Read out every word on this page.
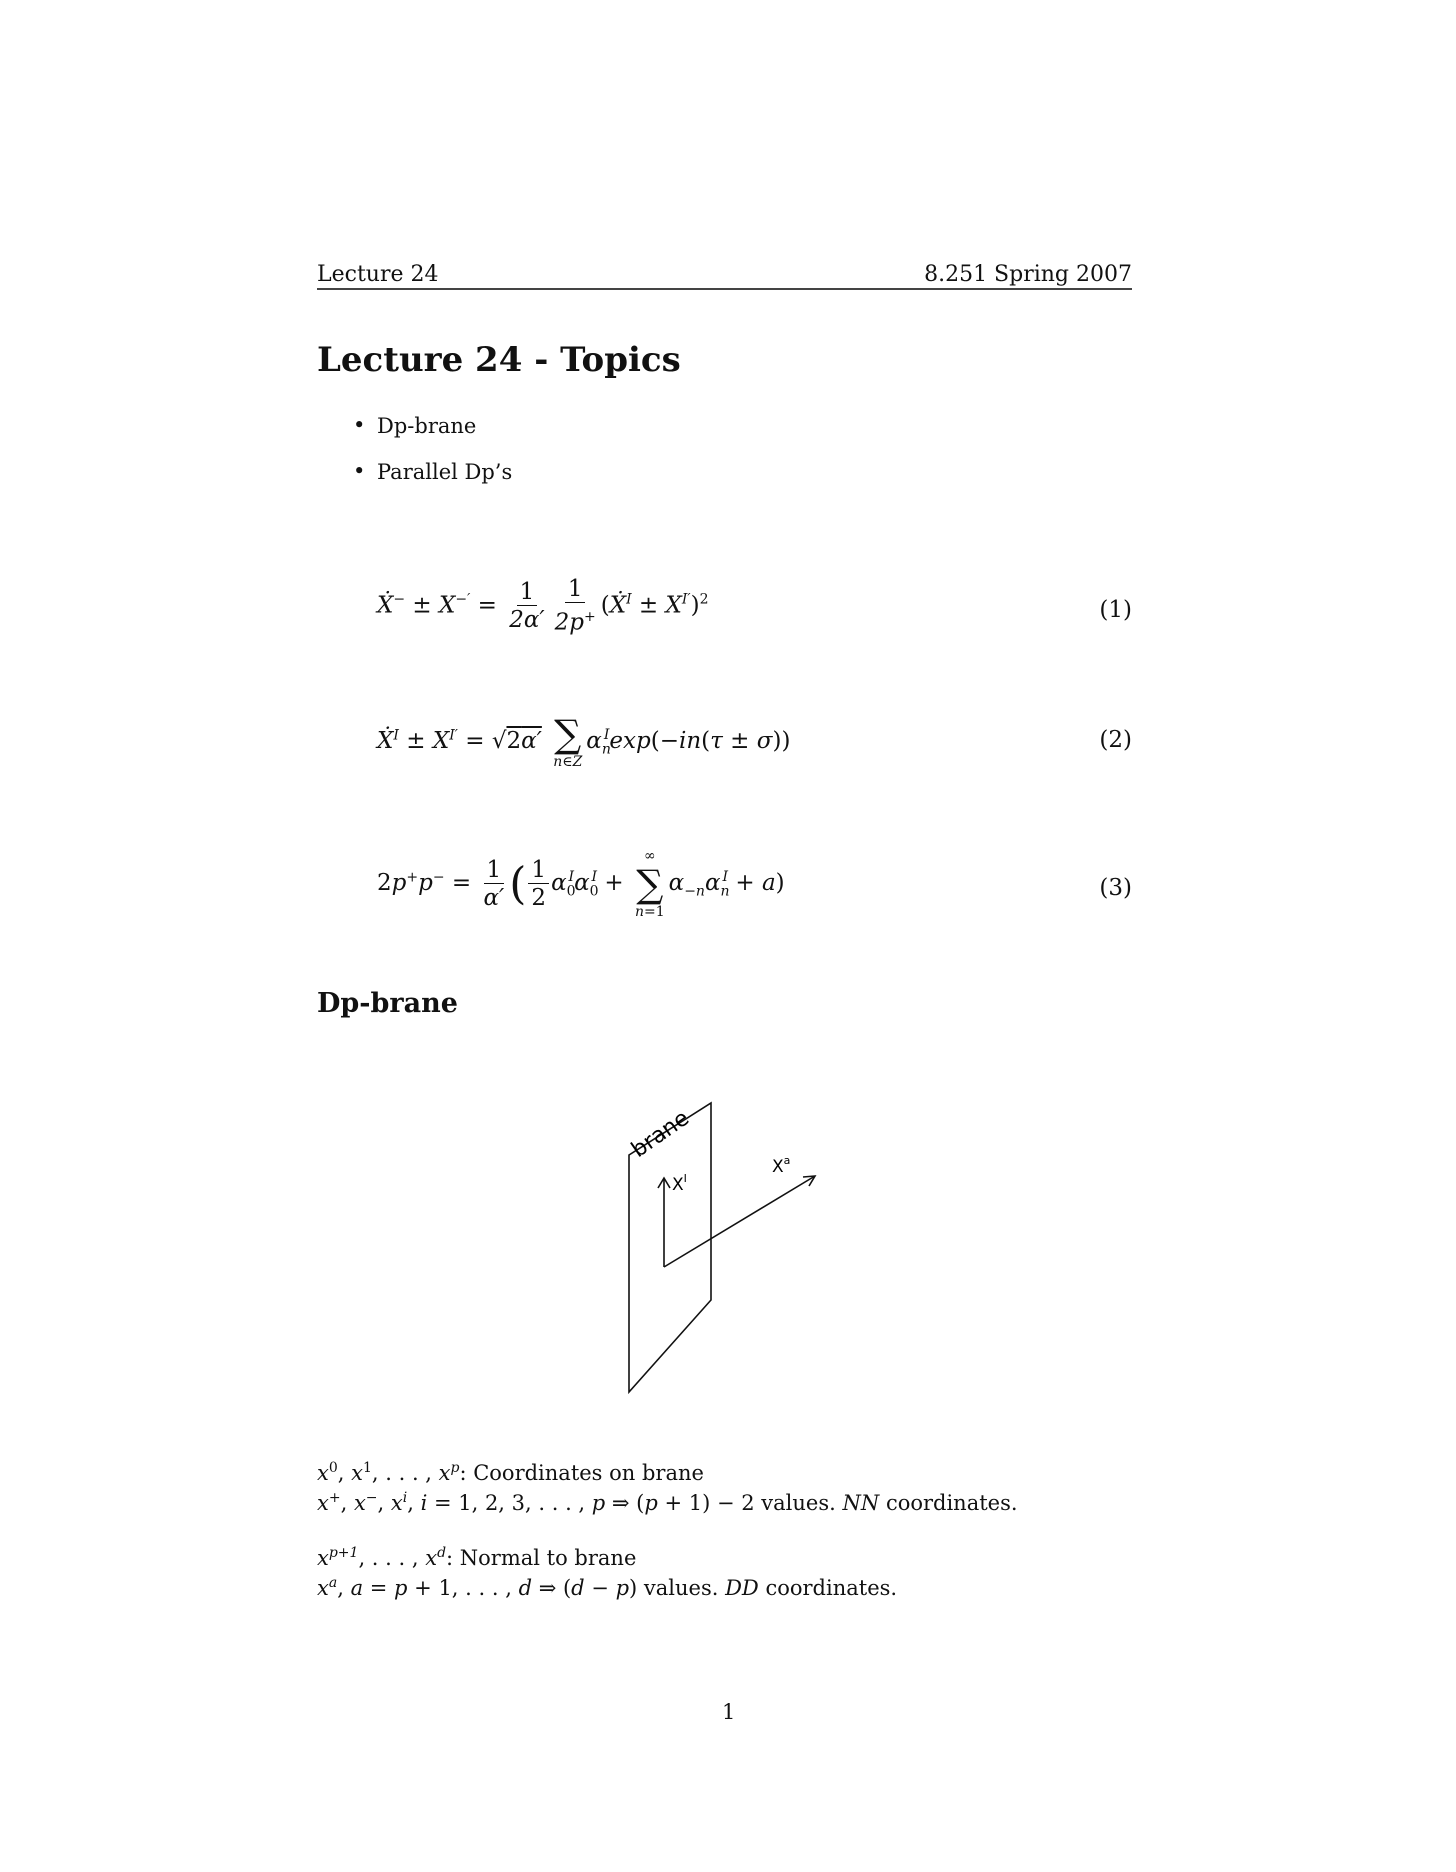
Lecture 24	8.251 Spring 2007
Lecture 24 - Topics
• Dp-brane
• Parallel Dp’s
Ẋ− ± $X^{-'} = \frac{1}{2\alpha'} \frac{1}{2p^+}$ (Ẋ$^I$ ± $X^{I'})^2$	(1)
Ẋ$^I$ ± $X^{I'} = √2\alpha'$ ∑
n∈Z
$\alpha_n^I\exp(-in(\tau \pm \sigma))$	(2)
$2p^+p^- = \frac{1}{\alpha'}$ ( $\frac{1}{2} \alpha_0^I\alpha_0^I$ +
∞
∑
n=1
$\alpha_{-n}\alpha_n^I + a$)	(3)
Dp-brane
brane
$X^I$
$X^a$
$x^0$, $x^1$, . . . , $x^p$: Coordinates on brane
x+, x−, $x^i$, i = 1, 2, 3, . . . , p ⇒ (p + 1) − 2 values. NN coordinates.
$x^{p+1}$, . . . , $x^d$: Normal to brane
$x^a$, a = p + 1, . . . , d ⇒ (d − p) values. DD coordinates.
1
